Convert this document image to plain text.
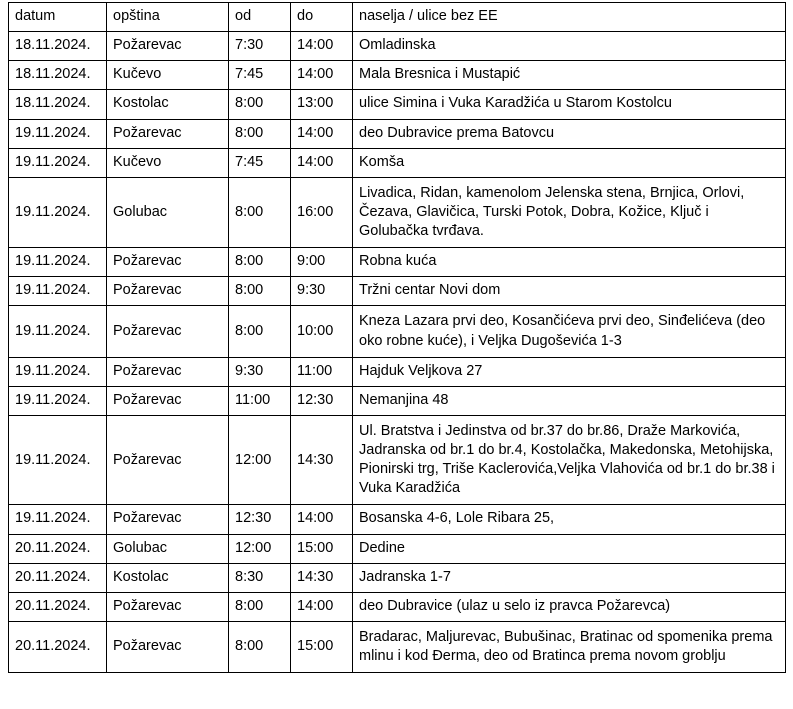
datum	opština	od	do	naselja / ulice bez EE
18.11.2024.	Požarevac	7:30	14:00	Omladinska
18.11.2024.	Kučevo	7:45	14:00	Mala Bresnica i Mustapić
18.11.2024.	Kostolac	8:00	13:00	ulice Simina i Vuka Karadžića u Starom Kostolcu
19.11.2024.	Požarevac	8:00	14:00	deo Dubravice prema Batovcu
19.11.2024.	Kučevo	7:45	14:00	Komša
19.11.2024.	Golubac	8:00	16:00	Livadica, Ridan, kamenolom Jelenska stena, Brnjica, Orlovi, Čezava, Glavičica, Turski Potok, Dobra, Kožice, Ključ i Golubačka tvrđava.
19.11.2024.	Požarevac	8:00	9:00	Robna kuća
19.11.2024.	Požarevac	8:00	9:30	Tržni centar Novi dom
19.11.2024.	Požarevac	8:00	10:00	Kneza Lazara prvi deo, Kosančićeva prvi deo, Sinđelićeva (deo oko robne kuće), i Veljka Dugoševića 1-3
19.11.2024.	Požarevac	9:30	11:00	Hajduk Veljkova 27
19.11.2024.	Požarevac	11:00	12:30	Nemanjina 48
19.11.2024.	Požarevac	12:00	14:30	Ul. Bratstva i Jedinstva od br.37 do br.86, Draže Markovića, Jadranska od br.1 do br.4, Kostolačka, Makedonska, Metohijska, Pionirski trg, Triše Kaclerovića,Veljka Vlahovića od br.1 do br.38 i Vuka Karadžića
19.11.2024.	Požarevac	12:30	14:00	Bosanska 4-6, Lole Ribara 25,
20.11.2024.	Golubac	12:00	15:00	Dedine
20.11.2024.	Kostolac	8:30	14:30	Jadranska 1-7
20.11.2024.	Požarevac	8:00	14:00	deo Dubravice (ulaz u selo iz pravca Požarevca)
20.11.2024.	Požarevac	8:00	15:00	Bradarac, Maljurevac, Bubušinac, Bratinac od spomenika prema mlinu i kod Đerma, deo od Bratinca prema novom groblju
